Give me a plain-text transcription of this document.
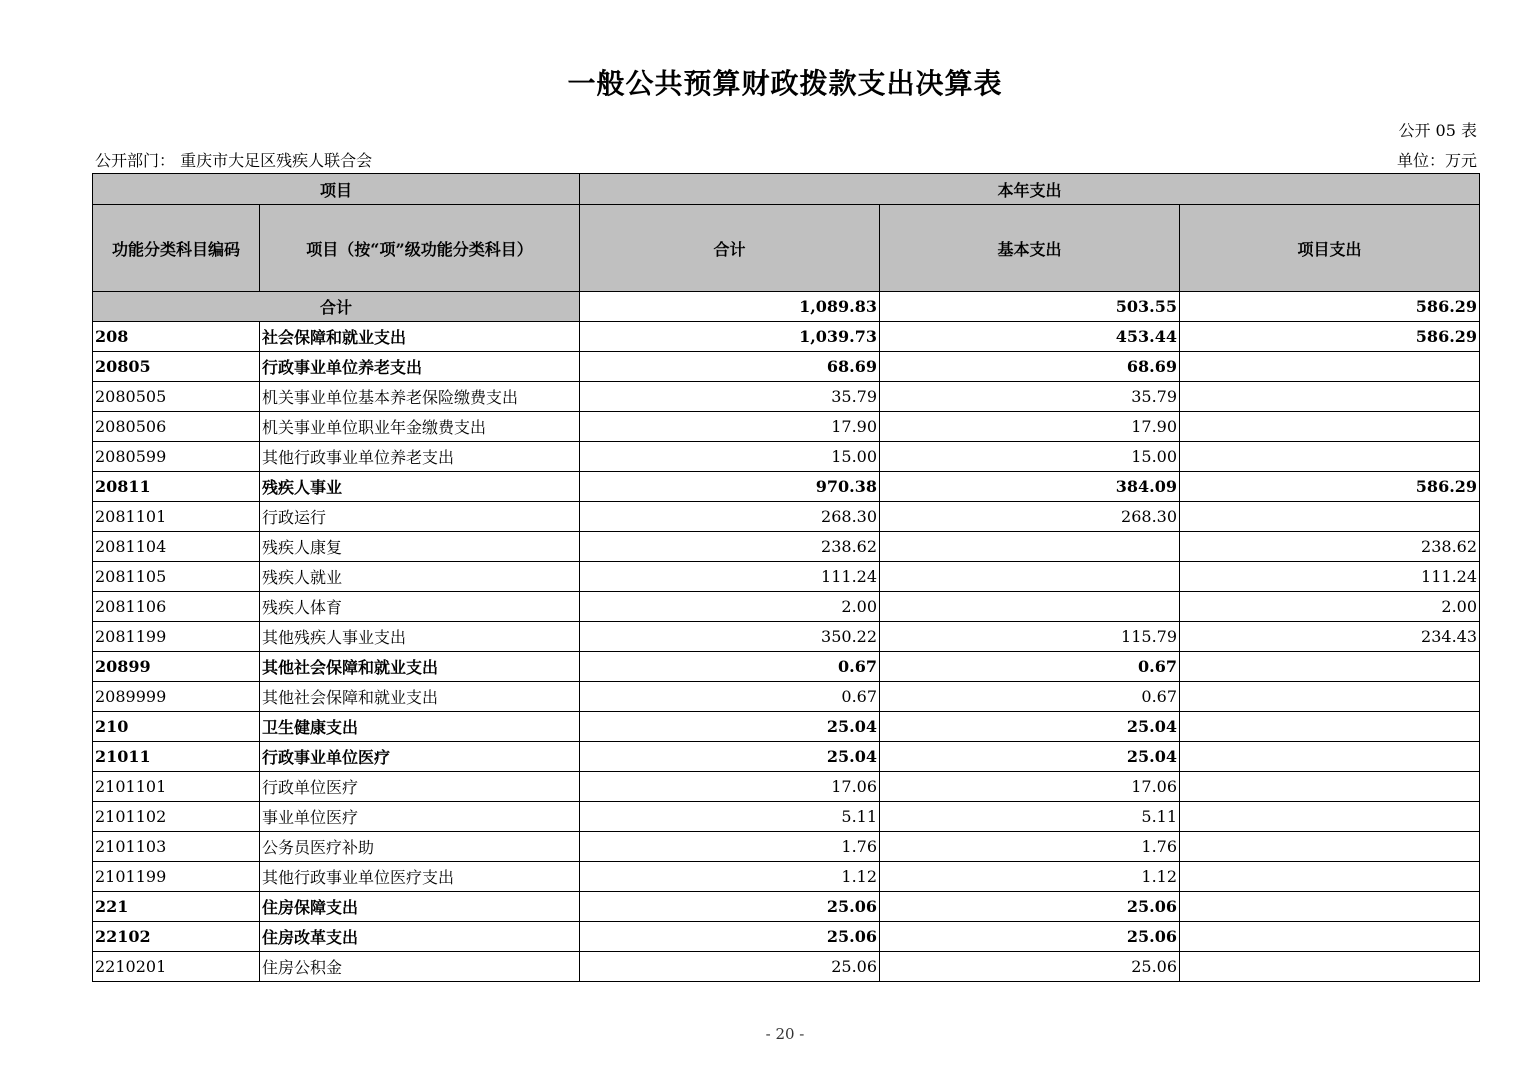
一般公共预算财政拨款支出决算表
公开 05 表
公开部门： 重庆市大足区残疾人联合会	单位：万元
项目		本年支出		
功能分类科目编码	项目（按“项”级功能分类科目）	合计	基本支出	项目支出
合计		1,089.83	503.55	586.29
208	社会保障和就业支出	1,039.73	453.44	586.29
20805	行政事业单位养老支出	68.69	68.69	
2080505	机关事业单位基本养老保险缴费支出	35.79	35.79	
2080506	机关事业单位职业年金缴费支出	17.90	17.90	
2080599	其他行政事业单位养老支出	15.00	15.00	
20811	残疾人事业	970.38	384.09	586.29
2081101	行政运行	268.30	268.30	
2081104	残疾人康复	238.62		238.62
2081105	残疾人就业	111.24		111.24
2081106	残疾人体育	2.00		2.00
2081199	其他残疾人事业支出	350.22	115.79	234.43
20899	其他社会保障和就业支出	0.67	0.67	
2089999	其他社会保障和就业支出	0.67	0.67	
210	卫生健康支出	25.04	25.04	
21011	行政事业单位医疗	25.04	25.04	
2101101	行政单位医疗	17.06	17.06	
2101102	事业单位医疗	5.11	5.11	
2101103	公务员医疗补助	1.76	1.76	
2101199	其他行政事业单位医疗支出	1.12	1.12	
221	住房保障支出	25.06	25.06	
22102	住房改革支出	25.06	25.06	
2210201	住房公积金	25.06	25.06	
- 20 -
